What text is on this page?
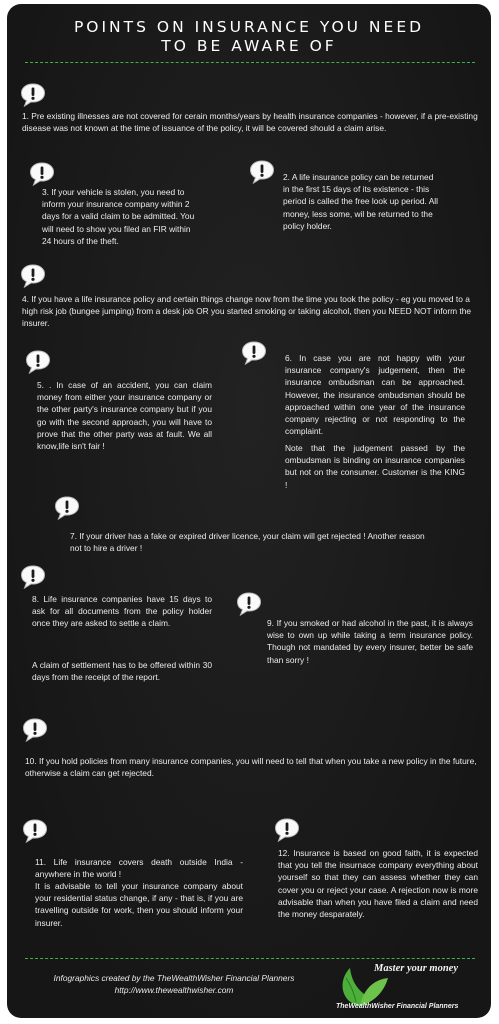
POINTS ON INSURANCE YOU NEED
TO BE AWARE OF
1. Pre existing illnesses are not covered for cerain months/years by health insurance companies - however, if a pre-existing disease was not known at the time of issuance of the policy, it will be covered should a claim arise.
3. If your vehicle is stolen, you need to
inform your insurance company within 2
days for a valid claim to be admitted. You
will need to show you filed an FIR within
24 hours of the theft.
2. A life insurance policy can be returned
in the first 15 days of its existence - this
period is called the free look up period. All
money, less some, wil be returned to the
policy holder.
4. If you have a life insurance policy and certain things change now from the time you took the policy - eg you moved to a high risk job (bungee jumping) from a desk job OR you started smoking or taking alcohol, then you NEED NOT inform the insurer.
5. . In case of an accident, you can claim money from either your insurance company or the other party's insurance company but if you go with the second approach, you will have to prove that the other party was at fault. We all know,life isn't fair !
6. In case you are not happy with your insurance company's judgement, then the insurance ombudsman can be approached. However, the insurance ombudsman should be approached within one year of the insurance company rejecting or not responding to the complaint.
Note that the judgement passed by the ombudsman is binding on insurance companies but not on the consumer. Customer is the KING !
7. If your driver has a fake or expired driver licence, your claim will get rejected ! Another reason
not to hire a driver !
8. Life insurance companies have 15 days to ask for all documents from the policy holder once they are asked to settle a claim.
A claim of settlement has to be offered within 30 days from the receipt of the report.
9. If you smoked or had alcohol in the past, it is always wise to own up while taking a term insurance policy. Though not mandated by every insurer, better be safe than sorry !
10. If you hold policies from many insurance companies, you will need to tell that when you take a new policy in the future, otherwise a claim can get rejected.
11. Life insurance covers death outside India - anywhere in the world !
It is advisable to tell your insurance company about your residential status change, if any - that is, if you are travelling outside for work, then you should inform your insurer.
12. Insurance is based on good faith, it is expected that you tell the insurnace company everything about yourself so that they can assess whether they can cover you or reject your case. A rejection now is more advisable than when you have filed a claim and need the money desparately.
Infographics created by the TheWealthWisher Financial Planners
http://www.thewealthwisher.com
Master your money
TheWealthWisher Financial Planners
